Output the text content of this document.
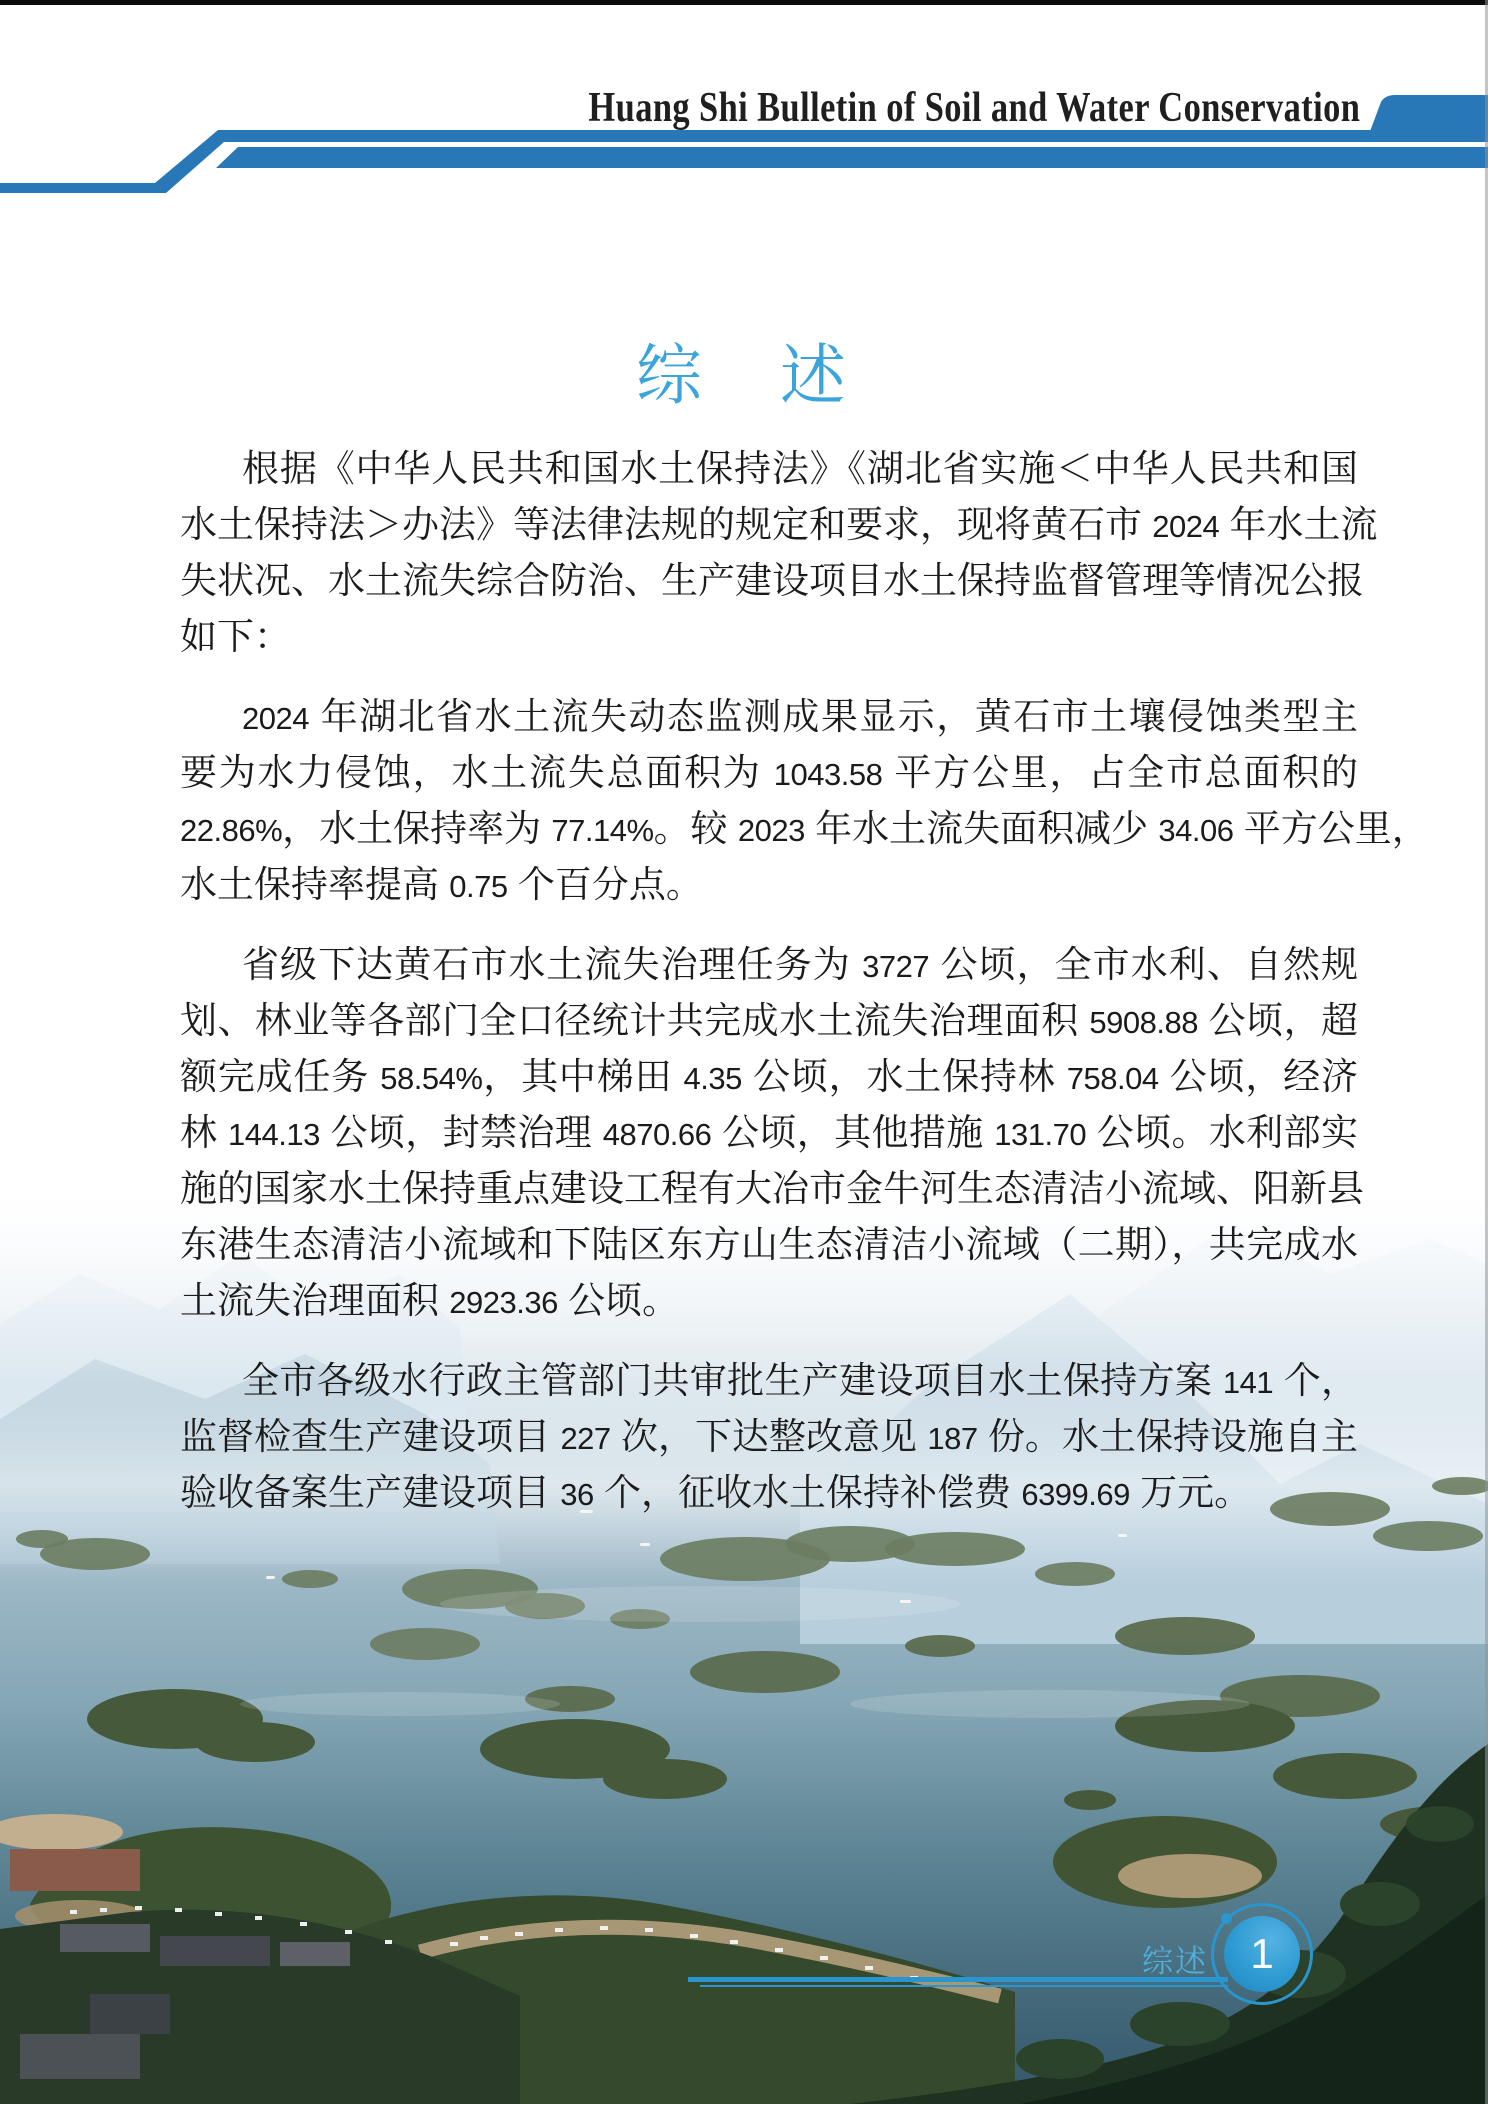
Huang Shi Bulletin of Soil and Water Conservation
综　述
根据《中华人民共和国水土保持法》《湖北省实施＜中华人民共和国
水土保持法＞办法》等法律法规的规定和要求，现将黄石市 2024 年水土流
失状况、水土流失综合防治、生产建设项目水土保持监督管理等情况公报
如下：
2024 年湖北省水土流失动态监测成果显示，黄石市土壤侵蚀类型主
要为水力侵蚀，水土流失总面积为 1043.58 平方公里，占全市总面积的
22.86%，水土保持率为 77.14%。较 2023 年水土流失面积减少 34.06 平方公里，
水土保持率提高 0.75 个百分点。
省级下达黄石市水土流失治理任务为 3727 公顷，全市水利、自然规
划、林业等各部门全口径统计共完成水土流失治理面积 5908.88 公顷，超
额完成任务 58.54%，其中梯田 4.35 公顷，水土保持林 758.04 公顷，经济
林 144.13 公顷，封禁治理 4870.66 公顷，其他措施 131.70 公顷。水利部实
施的国家水土保持重点建设工程有大冶市金牛河生态清洁小流域、阳新县
东港生态清洁小流域和下陆区东方山生态清洁小流域（二期），共完成水
土流失治理面积 2923.36 公顷。
全市各级水行政主管部门共审批生产建设项目水土保持方案 141 个，
监督检查生产建设项目 227 次，下达整改意见 187 份。水土保持设施自主
验收备案生产建设项目 36 个，征收水土保持补偿费 6399.69 万元。
综述 1
